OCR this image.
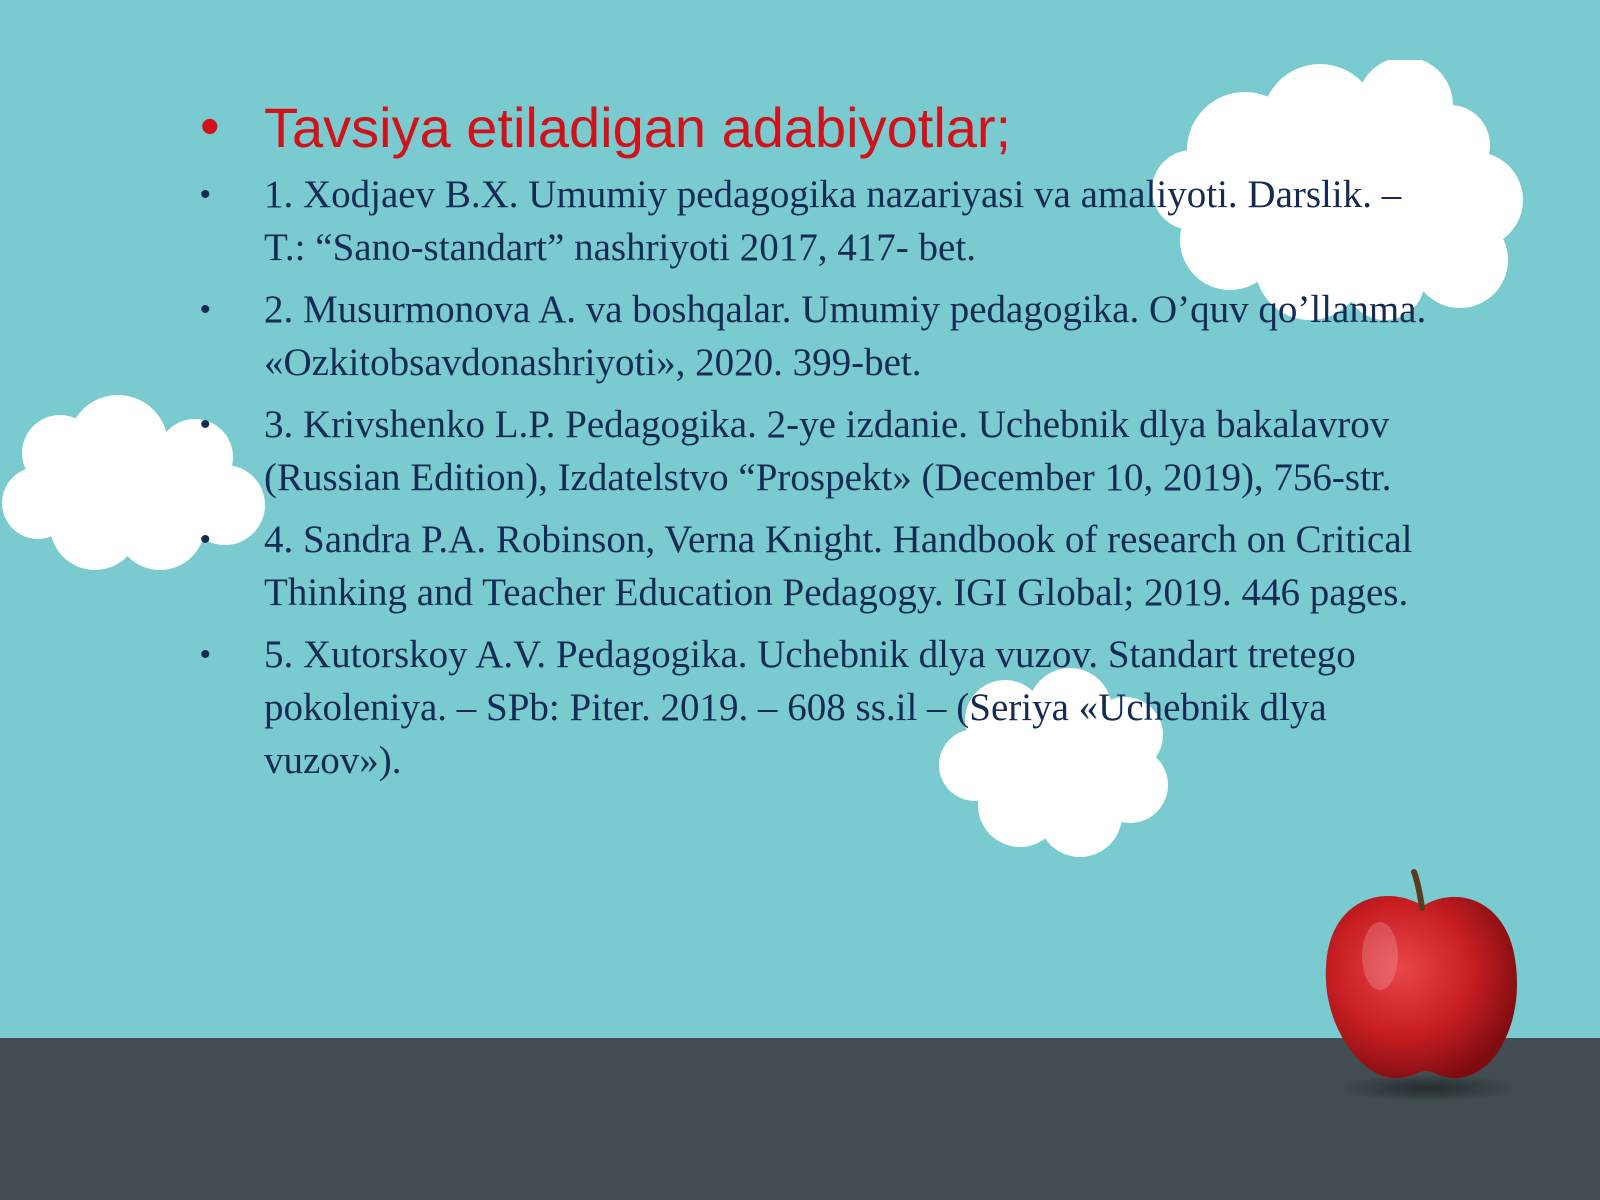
• Tavsiya etiladigan adabiyotlar;
• 1. Xodjaev B.X. Umumiy pedagogika nazariyasi va amaliyoti. Darslik. – T.: “Sano-standart” nashriyoti 2017, 417- bet.
• 2. Musurmonova A. va boshqalar. Umumiy pedagogika. O’quv qo’llanma. «Ozkitobsavdonashriyoti», 2020. 399-bet.
• 3. Krivshenko L.P. Pedagogika. 2-ye izdanie. Uchebnik dlya bakalavrov (Russian Edition), Izdatelstvo “Prospekt» (December 10, 2019), 756-str.
• 4. Sandra P.A. Robinson, Verna Knight. Handbook of research on Critical Thinking and Teacher Education Pedagogy. IGI Global; 2019. 446 pages.
• 5. Xutorskoy A.V. Pedagogika. Uchebnik dlya vuzov. Standart tretego pokoleniya. – SPb: Piter. 2019. – 608 ss.il – (Seriya «Uchebnik dlya vuzov»).
